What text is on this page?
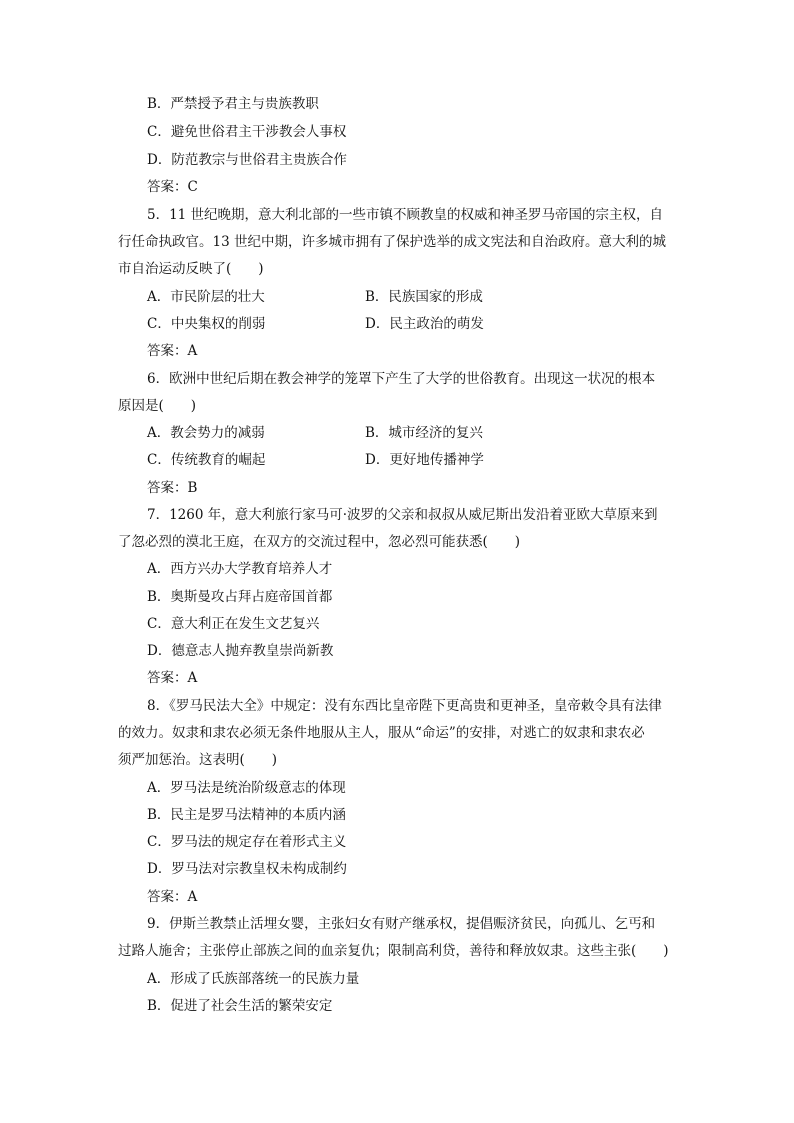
B．严禁授予君主与贵族教职
C．避免世俗君主干涉教会人事权
D．防范教宗与世俗君主贵族合作
答案：C
5．11 世纪晚期，意大利北部的一些市镇不顾教皇的权威和神圣罗马帝国的宗主权，自
行任命执政官。13 世纪中期，许多城市拥有了保护选举的成文宪法和自治政府。意大利的城
市自治运动反映了(　　)
A．市民阶层的壮大	B．民族国家的形成
C．中央集权的削弱	D．民主政治的萌发
答案：A
6．欧洲中世纪后期在教会神学的笼罩下产生了大学的世俗教育。出现这一状况的根本
原因是(　　)
A．教会势力的减弱	B．城市经济的复兴
C．传统教育的崛起	D．更好地传播神学
答案：B
7．1260 年，意大利旅行家马可·波罗的父亲和叔叔从威尼斯出发沿着亚欧大草原来到
了忽必烈的漠北王庭，在双方的交流过程中，忽必烈可能获悉(　　)
A．西方兴办大学教育培养人才
B．奥斯曼攻占拜占庭帝国首都
C．意大利正在发生文艺复兴
D．德意志人抛弃教皇崇尚新教
答案：A
8．《罗马民法大全》中规定：没有东西比皇帝陛下更高贵和更神圣，皇帝敕令具有法律
的效力。奴隶和隶农必须无条件地服从主人，服从“命运”的安排，对逃亡的奴隶和隶农必
须严加惩治。这表明(　　)
A．罗马法是统治阶级意志的体现
B．民主是罗马法精神的本质内涵
C．罗马法的规定存在着形式主义
D．罗马法对宗教皇权未构成制约
答案：A
9．伊斯兰教禁止活埋女婴，主张妇女有财产继承权，提倡赈济贫民，向孤儿、乞丐和
过路人施舍；主张停止部族之间的血亲复仇；限制高利贷，善待和释放奴隶。这些主张(　　)
A．形成了氏族部落统一的民族力量
B．促进了社会生活的繁荣安定
